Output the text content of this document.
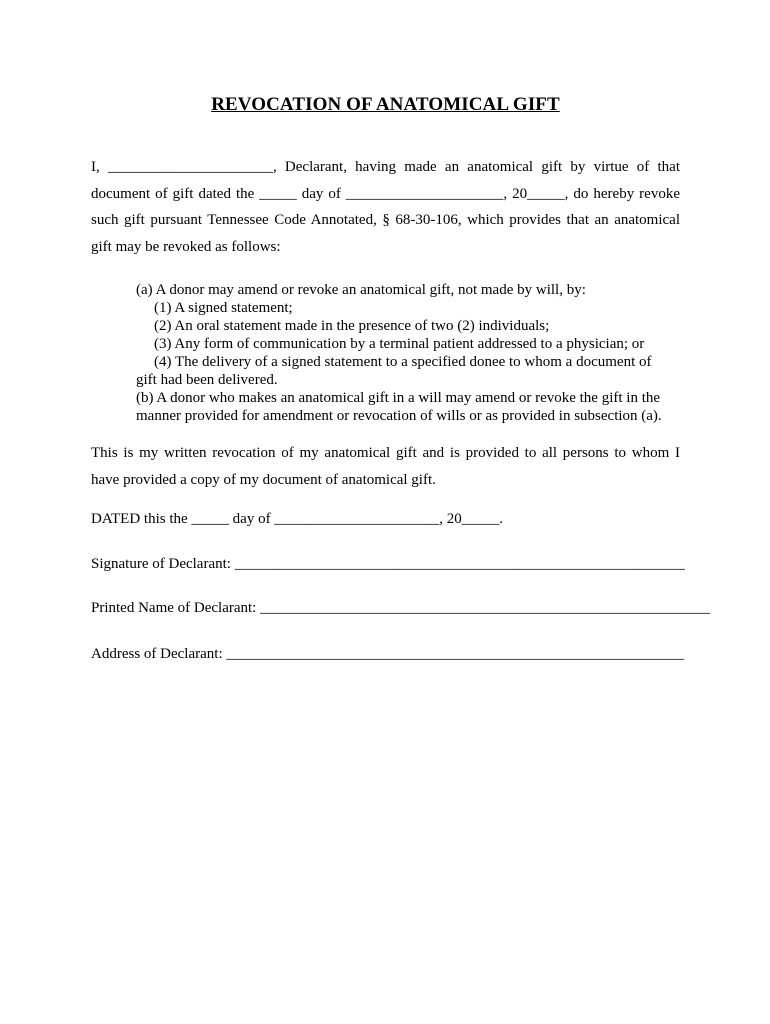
REVOCATION OF ANATOMICAL GIFT
I, ______________________, Declarant, having made an anatomical gift by virtue of that
document of gift dated the _____ day of _____________________, 20_____, do hereby revoke
such gift pursuant Tennessee Code Annotated, § 68-30-106, which provides that an anatomical
gift may be revoked as follows:
(a) A donor may amend or revoke an anatomical gift, not made by will, by:
(1) A signed statement;
(2) An oral statement made in the presence of two (2) individuals;
(3) Any form of communication by a terminal patient addressed to a physician; or
(4) The delivery of a signed statement to a specified donee to whom a document of
gift had been delivered.
(b) A donor who makes an anatomical gift in a will may amend or revoke the gift in the
manner provided for amendment or revocation of wills or as provided in subsection (a).
This is my written revocation of my anatomical gift and is provided to all persons to whom I
have provided a copy of my document of anatomical gift.
DATED this the _____ day of ______________________, 20_____.
Signature of Declarant: ____________________________________________________________
Printed Name of Declarant: ____________________________________________________________
Address of Declarant: _____________________________________________________________
